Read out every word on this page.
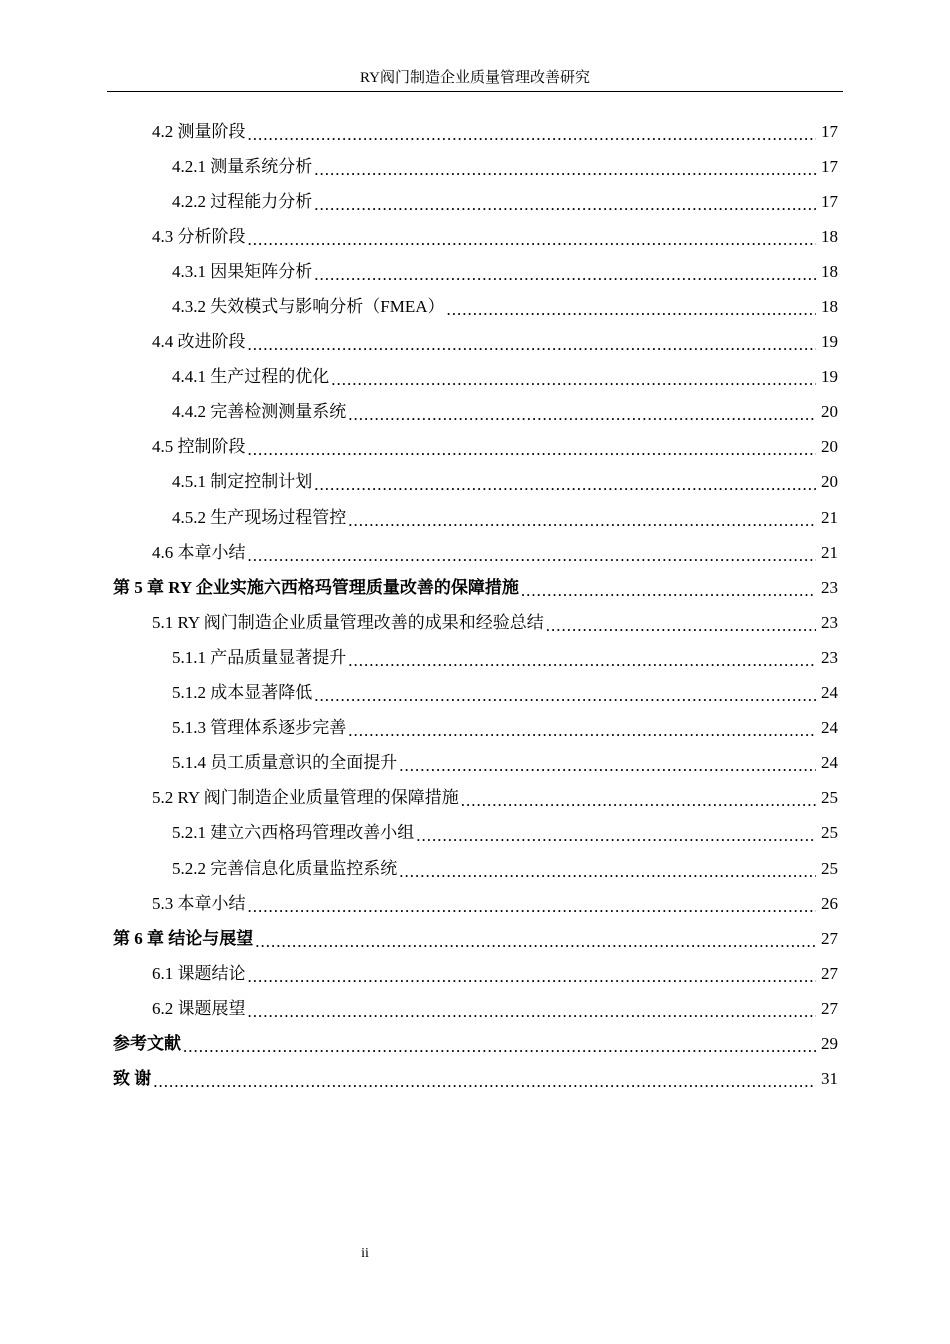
RY阀门制造企业质量管理改善研究
4.2 测量阶段 .....	17
4.2.1 测量系统分析 .....	17
4.2.2 过程能力分析 .....	17
4.3 分析阶段 .....	18
4.3.1 因果矩阵分析 .....	18
4.3.2 失效模式与影响分析（FMEA） .....	18
4.4 改进阶段 .....	19
4.4.1 生产过程的优化 .....	19
4.4.2 完善检测测量系统 .....	20
4.5 控制阶段 .....	20
4.5.1 制定控制计划 .....	20
4.5.2 生产现场过程管控 .....	21
4.6 本章小结 .....	21
第 5 章 RY 企业实施六西格玛管理质量改善的保障措施 .....	23
5.1 RY 阀门制造企业质量管理改善的成果和经验总结 .....	23
5.1.1 产品质量显著提升 .....	23
5.1.2 成本显著降低 .....	24
5.1.3 管理体系逐步完善 .....	24
5.1.4 员工质量意识的全面提升 .....	24
5.2 RY 阀门制造企业质量管理的保障措施 .....	25
5.2.1 建立六西格玛管理改善小组 .....	25
5.2.2 完善信息化质量监控系统 .....	25
5.3 本章小结 .....	26
第 6 章 结论与展望 .....	27
6.1 课题结论 .....	27
6.2 课题展望 .....	27
参考文献 .....	29
致 谢 .....	31
ii
